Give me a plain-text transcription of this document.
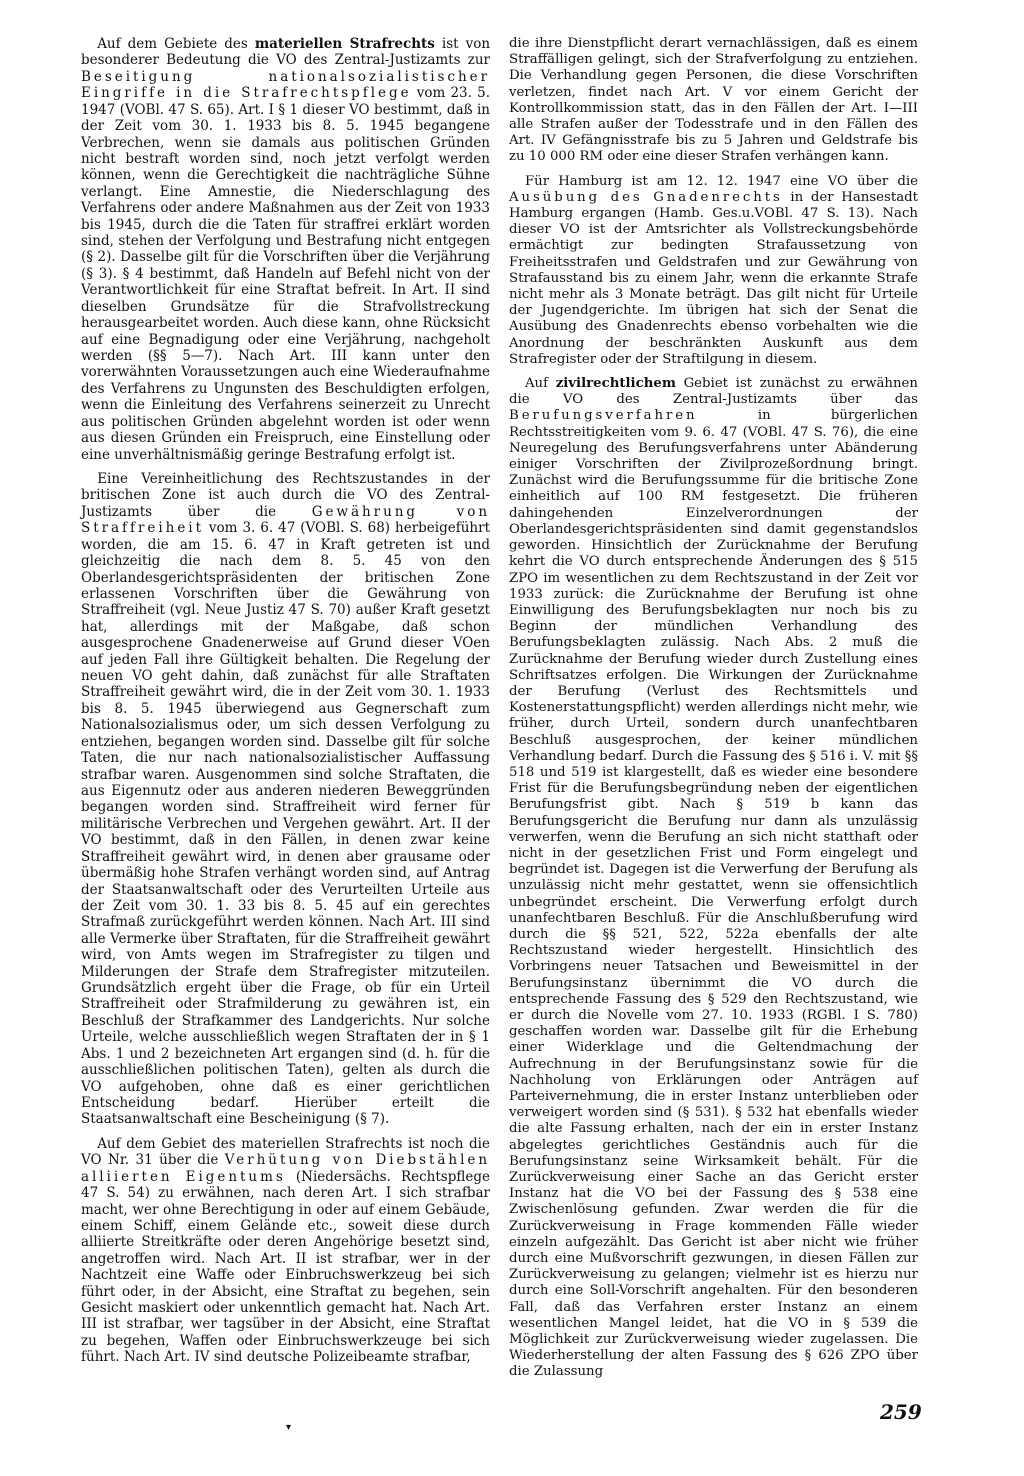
Auf dem Gebiete des materiellen Strafrechts ist von besonderer Bedeutung die VO des Zentral-Justizamts zur Beseitigung nationalsozialistischer Eingriffe in die Strafrechtspflege vom 23. 5. 1947 (VOBl. 47 S. 65). Art. I § 1 dieser VO bestimmt, daß in der Zeit vom 30. 1. 1933 bis 8. 5. 1945 begangene Verbrechen, wenn sie damals aus politischen Gründen nicht bestraft worden sind, noch jetzt verfolgt werden können, wenn die Gerechtigkeit die nachträgliche Sühne verlangt. Eine Amnestie, die Niederschlagung des Verfahrens oder andere Maßnahmen aus der Zeit von 1933 bis 1945, durch die die Taten für straffrei erklärt worden sind, stehen der Verfolgung und Bestrafung nicht entgegen (§ 2). Dasselbe gilt für die Vorschriften über die Verjährung (§ 3). § 4 bestimmt, daß Handeln auf Befehl nicht von der Verantwortlichkeit für eine Straftat befreit. In Art. II sind dieselben Grundsätze für die Strafvollstreckung herausgearbeitet worden. Auch diese kann, ohne Rücksicht auf eine Begnadigung oder eine Verjährung, nachgeholt werden (§§ 5—7). Nach Art. III kann unter den vorerwähnten Voraussetzungen auch eine Wiederaufnahme des Verfahrens zu Ungunsten des Beschuldigten erfolgen, wenn die Einleitung des Verfahrens seinerzeit zu Unrecht aus politischen Gründen abgelehnt worden ist oder wenn aus diesen Gründen ein Freispruch, eine Einstellung oder eine unverhältnismäßig geringe Bestrafung erfolgt ist.

Eine Vereinheitlichung des Rechtszustandes in der britischen Zone ist auch durch die VO des Zentral-Justizamts über die Gewährung von Straffreiheit vom 3. 6. 47 (VOBl. S. 68) herbeigeführt worden, die am 15. 6. 47 in Kraft getreten ist und gleichzeitig die nach dem 8. 5. 45 von den Oberlandesgerichtspräsidenten der britischen Zone erlassenen Vorschriften über die Gewährung von Straffreiheit (vgl. Neue Justiz 47 S. 70) außer Kraft gesetzt hat, allerdings mit der Maßgabe, daß schon ausgesprochene Gnadenerweise auf Grund dieser VOen auf jeden Fall ihre Gültigkeit behalten. Die Regelung der neuen VO geht dahin, daß zunächst für alle Straftaten Straffreiheit gewährt wird, die in der Zeit vom 30. 1. 1933 bis 8. 5. 1945 überwiegend aus Gegnerschaft zum Nationalsozialismus oder, um sich dessen Verfolgung zu entziehen, begangen worden sind. Dasselbe gilt für solche Taten, die nur nach nationalsozialistischer Auffassung strafbar waren. Ausgenommen sind solche Straftaten, die aus Eigennutz oder aus anderen niederen Beweggründen begangen worden sind. Straffreiheit wird ferner für militärische Verbrechen und Vergehen gewährt. Art. II der VO bestimmt, daß in den Fällen, in denen zwar keine Straffreiheit gewährt wird, in denen aber grausame oder übermäßig hohe Strafen verhängt worden sind, auf Antrag der Staatsanwaltschaft oder des Verurteilten Urteile aus der Zeit vom 30. 1. 33 bis 8. 5. 45 auf ein gerechtes Strafmaß zurückgeführt werden können. Nach Art. III sind alle Vermerke über Straftaten, für die Straffreiheit gewährt wird, von Amts wegen im Strafregister zu tilgen und Milderungen der Strafe dem Strafregister mitzuteilen. Grundsätzlich ergeht über die Frage, ob für ein Urteil Straffreiheit oder Strafmilderung zu gewähren ist, ein Beschluß der Strafkammer des Landgerichts. Nur solche Urteile, welche ausschließlich wegen Straftaten der in § 1 Abs. 1 und 2 bezeichneten Art ergangen sind (d. h. für die ausschließlichen politischen Taten), gelten als durch die VO aufgehoben, ohne daß es einer gerichtlichen Entscheidung bedarf. Hierüber erteilt die Staatsanwaltschaft eine Bescheinigung (§ 7).

Auf dem Gebiet des materiellen Strafrechts ist noch die VO Nr. 31 über die Verhütung von Diebstählen alliierten Eigentums (Niedersächs. Rechtspflege 47 S. 54) zu erwähnen, nach deren Art. I sich strafbar macht, wer ohne Berechtigung in oder auf einem Gebäude, einem Schiff, einem Gelände etc., soweit diese durch alliierte Streitkräfte oder deren Angehörige besetzt sind, angetroffen wird. Nach Art. II ist strafbar, wer in der Nachtzeit eine Waffe oder Einbruchswerkzeug bei sich führt oder, in der Absicht, eine Straftat zu begehen, sein Gesicht maskiert oder unkenntlich gemacht hat. Nach Art. III ist strafbar, wer tagsüber in der Absicht, eine Straftat zu begehen, Waffen oder Einbruchswerkzeuge bei sich führt. Nach Art. IV sind deutsche Polizeibeamte strafbar,

die ihre Dienstpflicht derart vernachlässigen, daß es einem Straffälligen gelingt, sich der Strafverfolgung zu entziehen. Die Verhandlung gegen Personen, die diese Vorschriften verletzen, findet nach Art. V vor einem Gericht der Kontrollkommission statt, das in den Fällen der Art. I—III alle Strafen außer der Todesstrafe und in den Fällen des Art. IV Gefängnisstrafe bis zu 5 Jahren und Geldstrafe bis zu 10 000 RM oder eine dieser Strafen verhängen kann.

Für Hamburg ist am 12. 12. 1947 eine VO über die Ausübung des Gnadenrechts in der Hansestadt Hamburg ergangen (Hamb. Ges.u.VOBl. 47 S. 13). Nach dieser VO ist der Amtsrichter als Vollstreckungsbehörde ermächtigt zur bedingten Strafaussetzung von Freiheitsstrafen und Geldstrafen und zur Gewährung von Strafausstand bis zu einem Jahr, wenn die erkannte Strafe nicht mehr als 3 Monate beträgt. Das gilt nicht für Urteile der Jugendgerichte. Im übrigen hat sich der Senat die Ausübung des Gnadenrechts ebenso vorbehalten wie die Anordnung der beschränkten Auskunft aus dem Strafregister oder der Straftilgung in diesem.

Auf zivilrechtlichem Gebiet ist zunächst zu erwähnen die VO des Zentral-Justizamts über das Berufungsverfahren in bürgerlichen Rechtsstreitigkeiten vom 9. 6. 47 (VOBl. 47 S. 76), die eine Neuregelung des Berufungsverfahrens unter Abänderung einiger Vorschriften der Zivilprozeßordnung bringt. Zunächst wird die Berufungssumme für die britische Zone einheitlich auf 100 RM festgesetzt. Die früheren dahingehenden Einzelverordnungen der Oberlandesgerichtspräsidenten sind damit gegenstandslos geworden. Hinsichtlich der Zurücknahme der Berufung kehrt die VO durch entsprechende Änderungen des § 515 ZPO im wesentlichen zu dem Rechtszustand in der Zeit vor 1933 zurück: die Zurücknahme der Berufung ist ohne Einwilligung des Berufungsbeklagten nur noch bis zu Beginn der mündlichen Verhandlung des Berufungsbeklagten zulässig. Nach Abs. 2 muß die Zurücknahme der Berufung wieder durch Zustellung eines Schriftsatzes erfolgen. Die Wirkungen der Zurücknahme der Berufung (Verlust des Rechtsmittels und Kostenerstattungspflicht) werden allerdings nicht mehr, wie früher, durch Urteil, sondern durch unanfechtbaren Beschluß ausgesprochen, der keiner mündlichen Verhandlung bedarf. Durch die Fassung des § 516 i. V. mit §§ 518 und 519 ist klargestellt, daß es wieder eine besondere Frist für die Berufungsbegründung neben der eigentlichen Berufungsfrist gibt. Nach § 519 b kann das Berufungsgericht die Berufung nur dann als unzulässig verwerfen, wenn die Berufung an sich nicht statthaft oder nicht in der gesetzlichen Frist und Form eingelegt und begründet ist. Dagegen ist die Verwerfung der Berufung als unzulässig nicht mehr gestattet, wenn sie offensichtlich unbegründet erscheint. Die Verwerfung erfolgt durch unanfechtbaren Beschluß. Für die Anschlußberufung wird durch die §§ 521, 522, 522a ebenfalls der alte Rechtszustand wieder hergestellt. Hinsichtlich des Vorbringens neuer Tatsachen und Beweismittel in der Berufungsinstanz übernimmt die VO durch die entsprechende Fassung des § 529 den Rechtszustand, wie er durch die Novelle vom 27. 10. 1933 (RGBl. I S. 780) geschaffen worden war. Dasselbe gilt für die Erhebung einer Widerklage und die Geltendmachung der Aufrechnung in der Berufungsinstanz sowie für die Nachholung von Erklärungen oder Anträgen auf Parteivernehmung, die in erster Instanz unterblieben oder verweigert worden sind (§ 531). § 532 hat ebenfalls wieder die alte Fassung erhalten, nach der ein in erster Instanz abgelegtes gerichtliches Geständnis auch für die Berufungsinstanz seine Wirksamkeit behält. Für die Zurückverweisung einer Sache an das Gericht erster Instanz hat die VO bei der Fassung des § 538 eine Zwischenlösung gefunden. Zwar werden die für die Zurückverweisung in Frage kommenden Fälle wieder einzeln aufgezählt. Das Gericht ist aber nicht wie früher durch eine Mußvorschrift gezwungen, in diesen Fällen zur Zurückverweisung zu gelangen; vielmehr ist es hierzu nur durch eine Soll-Vorschrift angehalten. Für den besonderen Fall, daß das Verfahren erster Instanz an einem wesentlichen Mangel leidet, hat die VO in § 539 die Möglichkeit zur Zurückverweisung wieder zugelassen. Die Wiederherstellung der alten Fassung des § 626 ZPO über die Zulassung

▾
259
